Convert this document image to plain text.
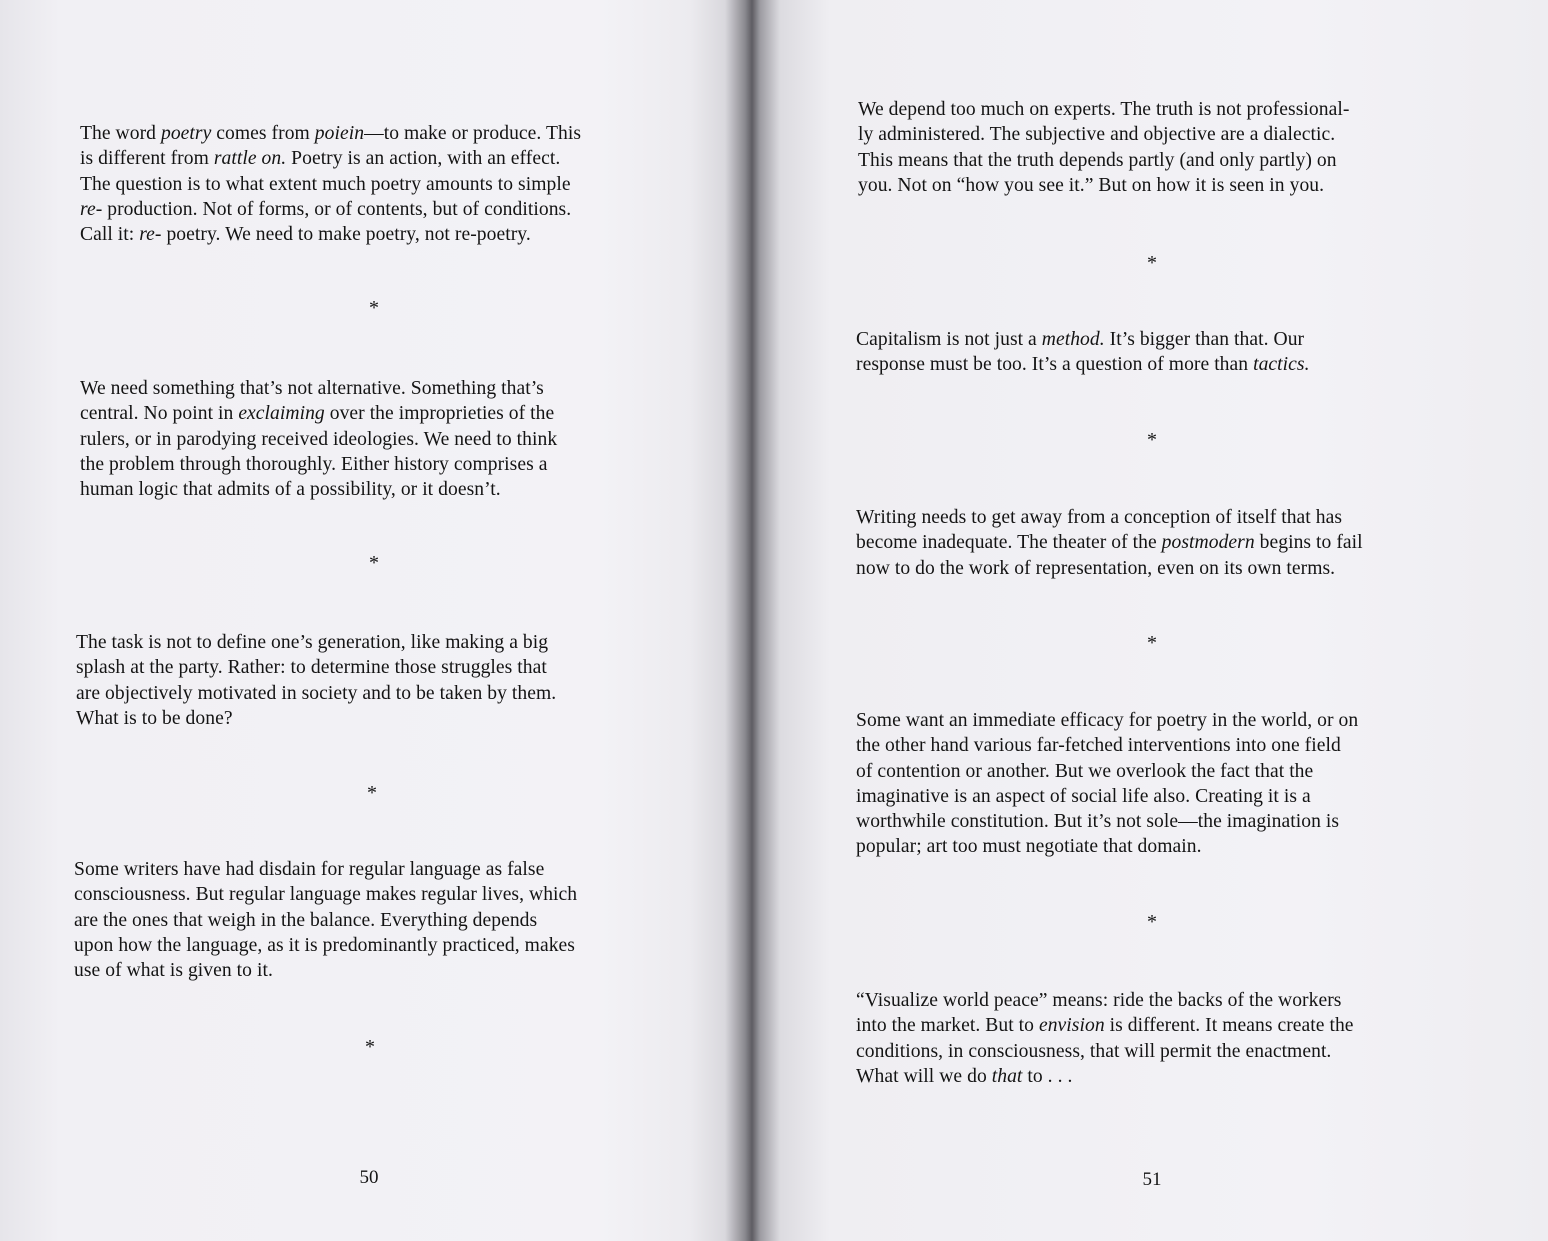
The word poetry comes from poiein—to make or produce. This
is different from rattle on. Poetry is an action, with an effect.
The question is to what extent much poetry amounts to simple
re- production. Not of forms, or of contents, but of conditions.
Call it: re- poetry. We need to make poetry, not re-poetry.

*

We need something that’s not alternative. Something that’s
central. No point in exclaiming over the improprieties of the
rulers, or in parodying received ideologies. We need to think
the problem through thoroughly. Either history comprises a
human logic that admits of a possibility, or it doesn’t.

*

The task is not to define one’s generation, like making a big
splash at the party. Rather: to determine those struggles that
are objectively motivated in society and to be taken by them.
What is to be done?

*

Some writers have had disdain for regular language as false
consciousness. But regular language makes regular lives, which
are the ones that weigh in the balance. Everything depends
upon how the language, as it is predominantly practiced, makes
use of what is given to it.

*
50

We depend too much on experts. The truth is not professional-
ly administered. The subjective and objective are a dialectic.
This means that the truth depends partly (and only partly) on
you. Not on “how you see it.” But on how it is seen in you.

*

Capitalism is not just a method. It’s bigger than that. Our
response must be too. It’s a question of more than tactics.

*

Writing needs to get away from a conception of itself that has
become inadequate. The theater of the postmodern begins to fail
now to do the work of representation, even on its own terms.

*

Some want an immediate efficacy for poetry in the world, or on
the other hand various far-fetched interventions into one field
of contention or another. But we overlook the fact that the
imaginative is an aspect of social life also. Creating it is a
worthwhile constitution. But it’s not sole—the imagination is
popular; art too must negotiate that domain.

*

“Visualize world peace” means: ride the backs of the workers
into the market. But to envision is different. It means create the
conditions, in consciousness, that will permit the enactment.
What will we do that to . . .

51
